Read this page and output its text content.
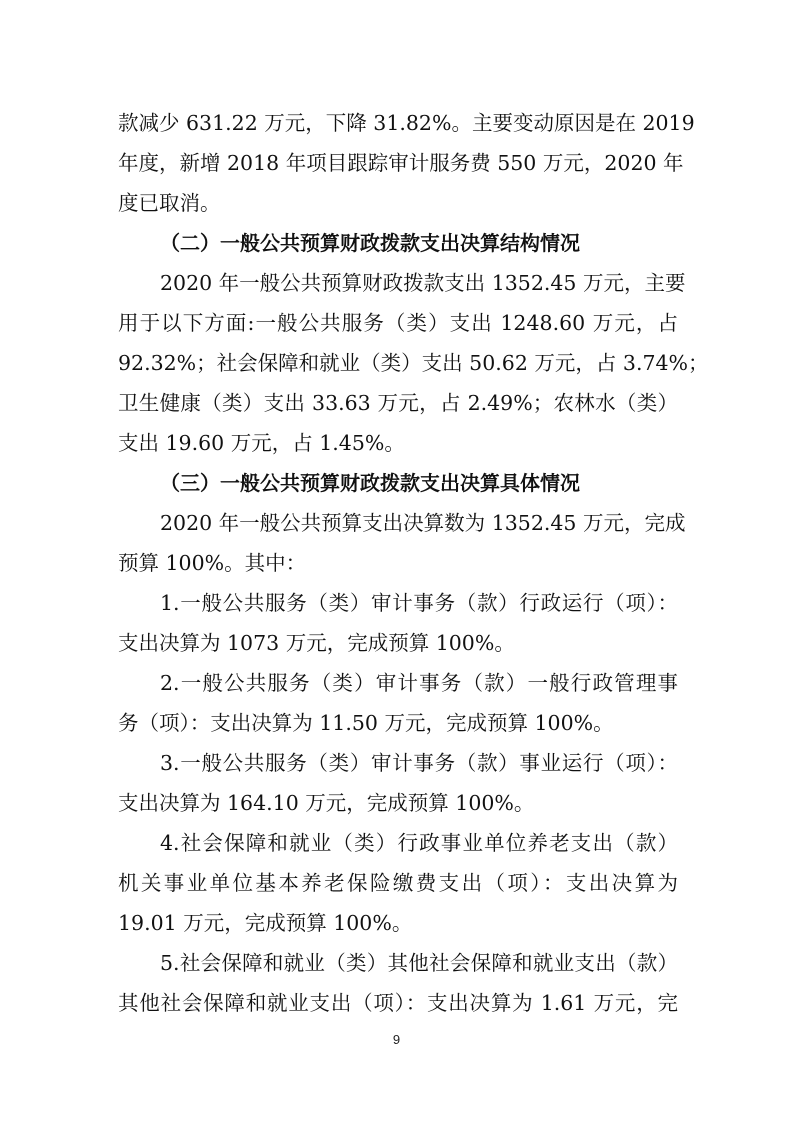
款减少 631.22 万元，下降 31.82%。主要变动原因是在 2019
年度，新增 2018 年项目跟踪审计服务费 550 万元，2020 年
度已取消。
（二）一般公共预算财政拨款支出决算结构情况
2020 年一般公共预算财政拨款支出 1352.45 万元，主要
用于以下方面:一般公共服务（类）支出 1248.60 万元，占
92.32%；社会保障和就业（类）支出 50.62 万元，占 3.74%；
卫生健康（类）支出 33.63 万元，占 2.49%；农林水（类）
支出 19.60 万元，占 1.45%。
（三）一般公共预算财政拨款支出决算具体情况
2020 年一般公共预算支出决算数为 1352.45 万元，完成
预算 100%。其中：
1.一般公共服务（类）审计事务（款）行政运行（项）：
支出决算为 1073 万元，完成预算 100%。
2.一般公共服务（类）审计事务（款）一般行政管理事
务（项）：支出决算为 11.50 万元，完成预算 100%。
3.一般公共服务（类）审计事务（款）事业运行（项）：
支出决算为 164.10 万元，完成预算 100%。
4.社会保障和就业（类）行政事业单位养老支出（款）
机关事业单位基本养老保险缴费支出（项）：支出决算为
19.01 万元，完成预算 100%。
5.社会保障和就业（类）其他社会保障和就业支出（款）
其他社会保障和就业支出（项）：支出决算为 1.61 万元，完
9
